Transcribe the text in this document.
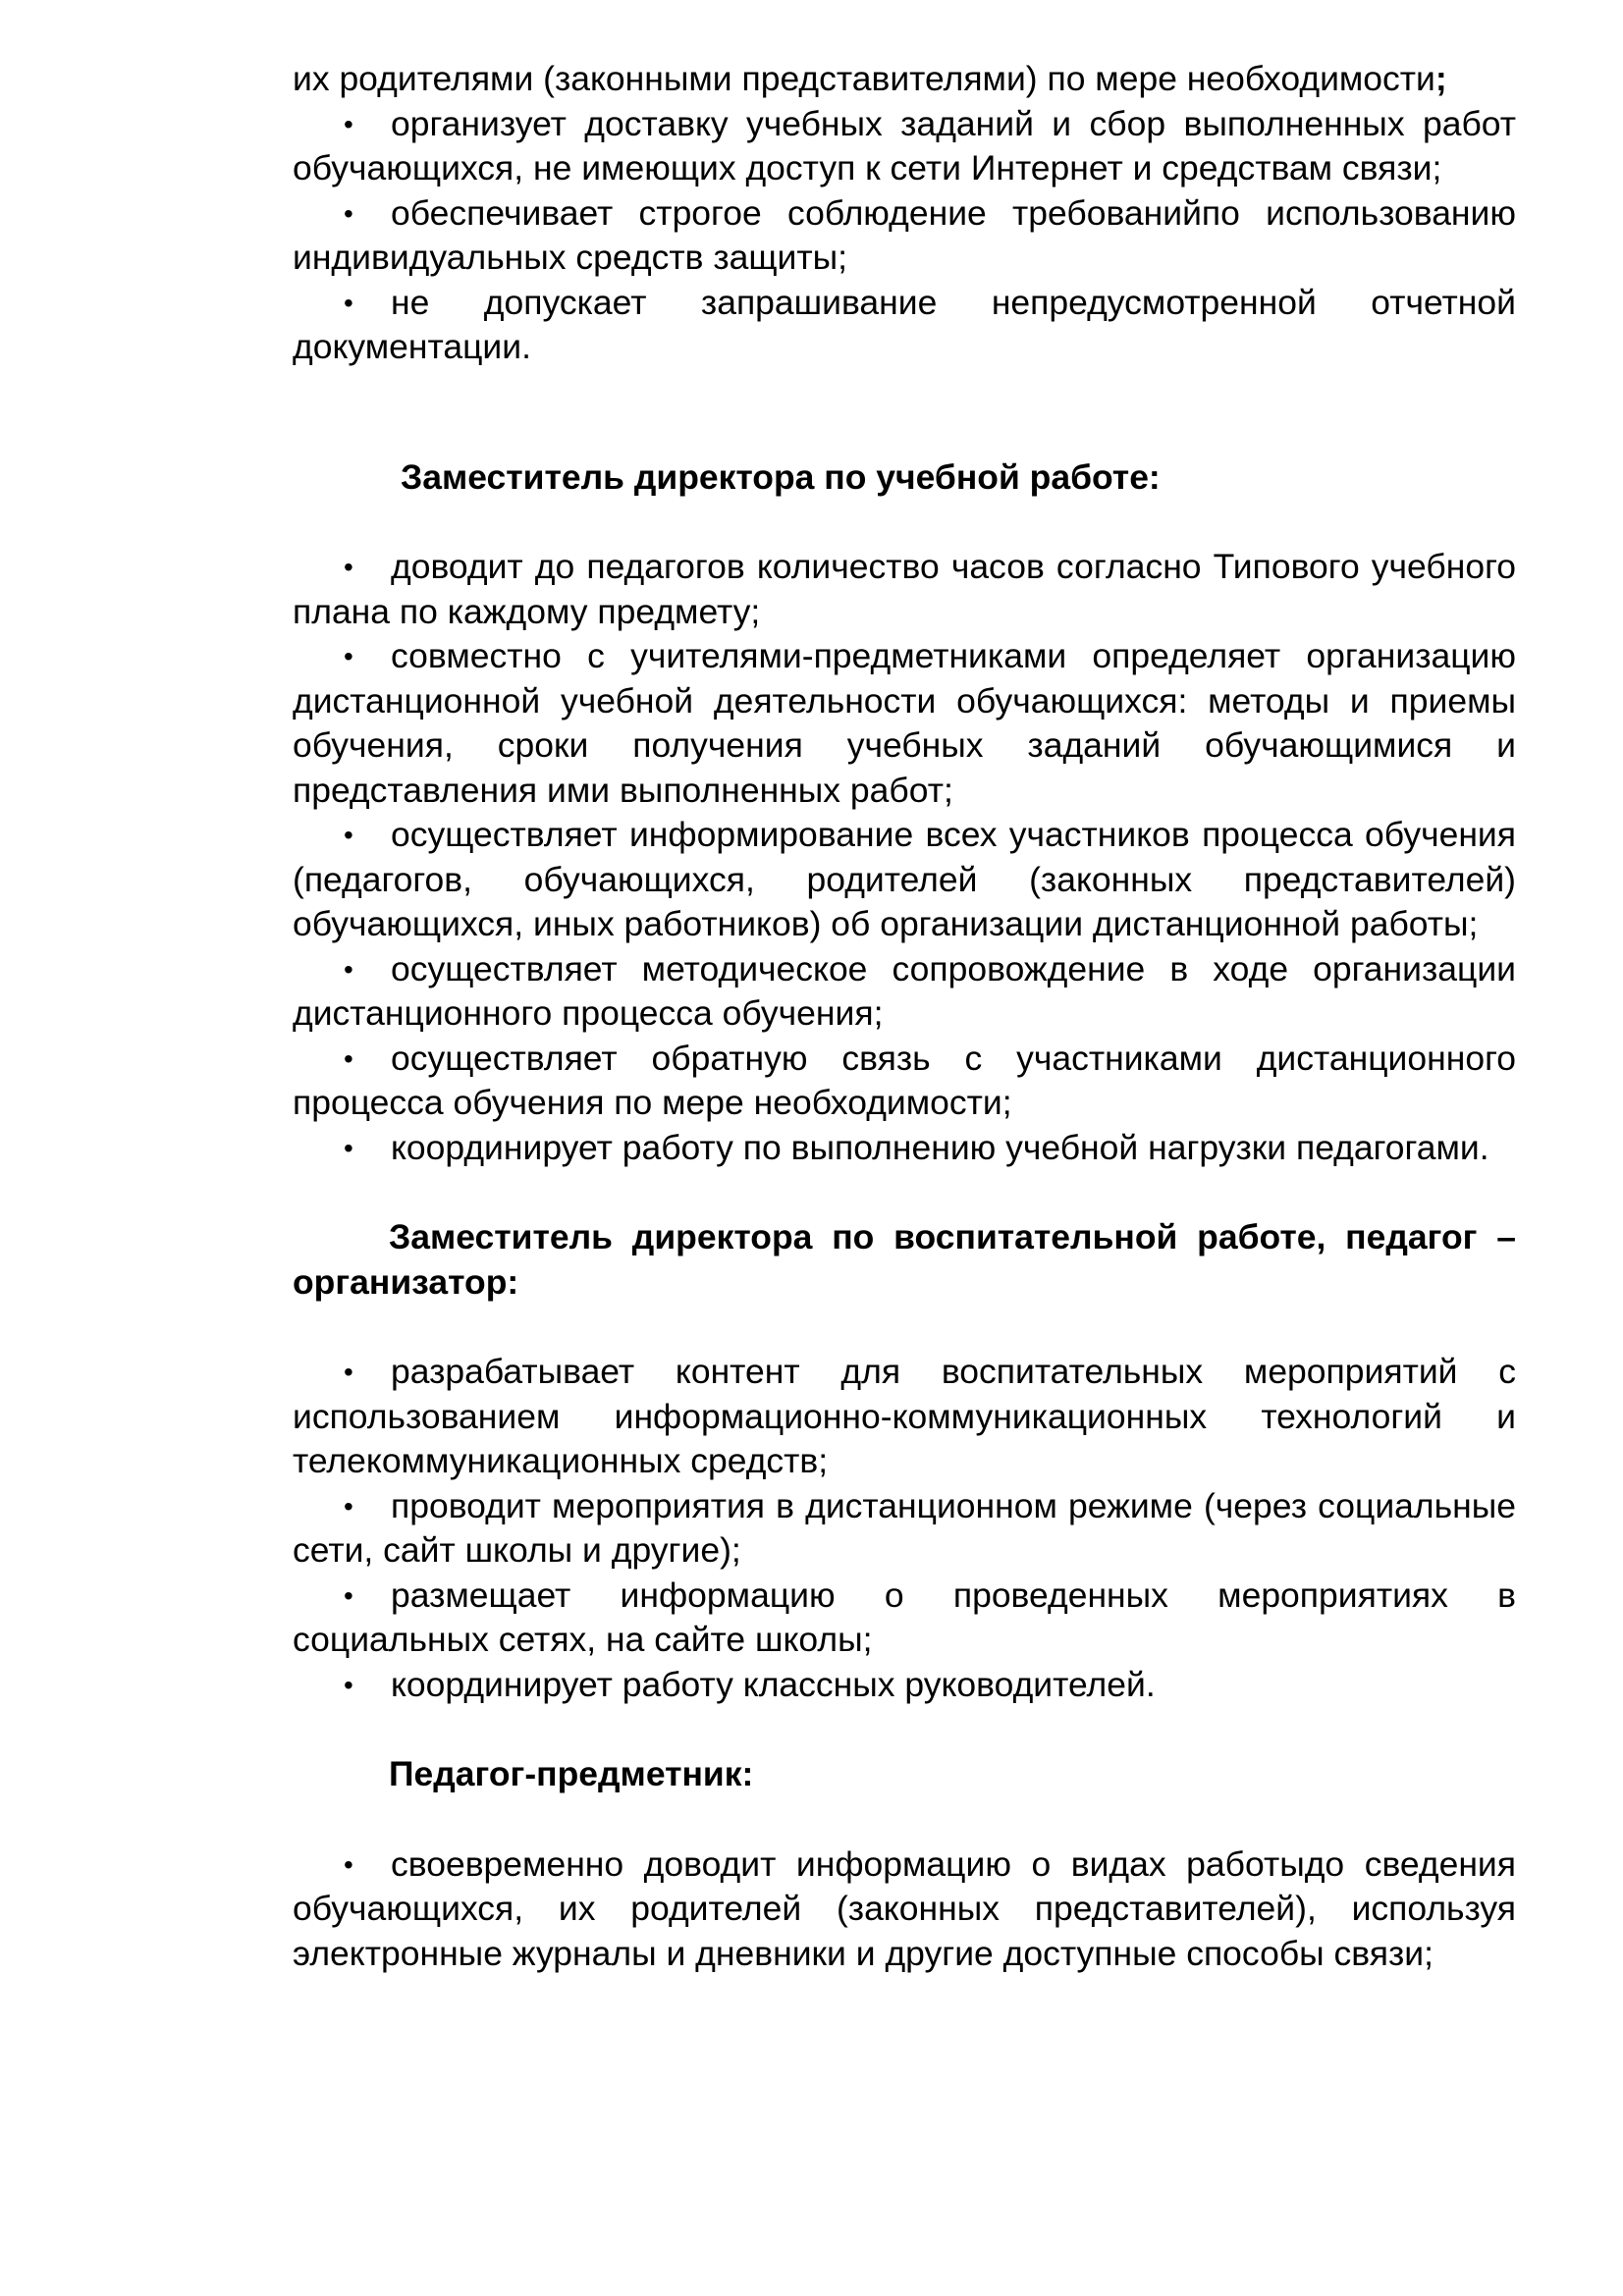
их родителями (законными представителями) по мере необходимости;

• организует доставку учебных заданий и сбор выполненных работ обучающихся, не имеющих доступ к сети Интернет и средствам связи;

• обеспечивает строгое соблюдение требованийпо использованию индивидуальных средств защиты;

• не допускает запрашивание непредусмотренной отчетной документации.

Заместитель директора по учебной работе:

• доводит до педагогов количество часов согласно Типового учебного плана по каждому предмету;

• совместно с учителями-предметниками определяет организацию дистанционной учебной деятельности обучающихся: методы и приемы обучения, сроки получения учебных заданий обучающимися и представления ими выполненных работ;

• осуществляет информирование всех участников процесса обучения (педагогов, обучающихся, родителей (законных представителей) обучающихся, иных работников) об организации дистанционной работы;

• осуществляет методическое сопровождение в ходе организации дистанционного процесса обучения;

• осуществляет обратную связь с участниками дистанционного процесса обучения по мере необходимости;

• координирует работу по выполнению учебной нагрузки педагогами.

Заместитель директора по воспитательной работе, педагог –организатор:

• разрабатывает контент для воспитательных мероприятий с использованием информационно-коммуникационных технологий и телекоммуникационных средств;

• проводит мероприятия в дистанционном режиме (через социальные сети, сайт школы и другие);

• размещает информацию о проведенных мероприятиях в социальных сетях, на сайте школы;

• координирует работу классных руководителей.

Педагог-предметник:

• своевременно доводит информацию о видах работыдо сведения обучающихся, их родителей (законных представителей), используя электронные журналы и дневники и другие доступные способы связи;
